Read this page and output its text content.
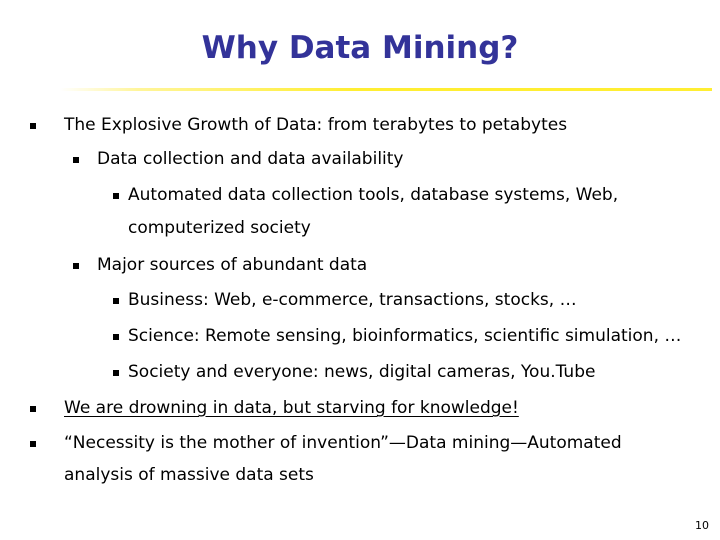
Why Data Mining?
The Explosive Growth of Data: from terabytes to petabytes
Data collection and data availability
Automated data collection tools, database systems, Web,
computerized society
Major sources of abundant data
Business: Web, e-commerce, transactions, stocks, …
Science: Remote sensing, bioinformatics, scientific simulation, …
Society and everyone: news, digital cameras, You.Tube
We are drowning in data, but starving for knowledge!
“Necessity is the mother of invention”—Data mining—Automated
analysis of massive data sets
10
